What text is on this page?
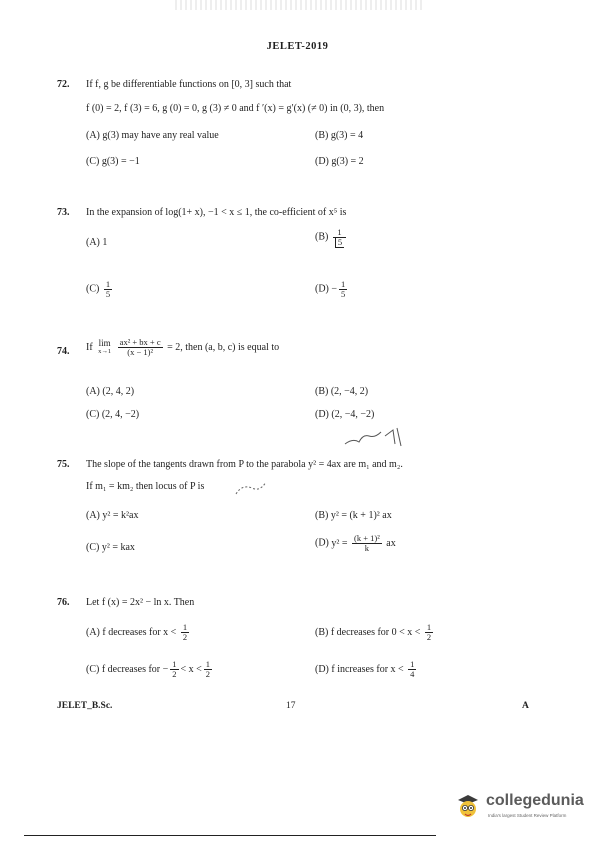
JELET-2019
72. If f, g be differentiable functions on [0, 3] such that
f (0) = 2, f (3) = 6, g (0) = 0, g (3) ≠ 0 and f ′(x) = g′(x) (≠ 0) in (0, 3), then
(A) g(3) may have any real value	(B) g(3) = 4
(C) g(3) = −1	(D) g(3) = 2
73. In the expansion of log(1+ x), −1 < x ≤ 1, the co-efficient of x⁵ is
(A) 1	$(B) \frac{1}{5}$
$(C) \frac{1}{5}$	$(D) - \frac{1}{5}$
74. If lim
x→1
$\frac{\text{ax² + bx + c}}{\text{(x − 1)²}} = 2$, then (a, b, c) is equal to
(A) (2, 4, 2)	(B) (2, −4, 2)
(C) (2, 4, −2)	(D) (2, −4, −2)
75. The slope of the tangents drawn from P to the parabola y² = 4ax are m₁ and m₂.
If m₁ = km₂ then locus of P is
(A) y² = k²ax	(B) y² = (k + 1)² ax
(C) y² = kax	(D) $y^2 = \frac{\text{(k + 1)²}}{k}$ ax
76. Let f (x) = 2x² − ln x. Then
(A) f decreases for $x < \frac{1}{2}$	(B) f decreases for $0 < x < \frac{1}{2}$
(C) f decreases for − $\frac{1}{2} < x < \frac{1}{2}$	(D) f increases for $x < \frac{1}{4}$
JELET_B.Sc.	17	A
collegedunia
India's largest Student Review Platform
